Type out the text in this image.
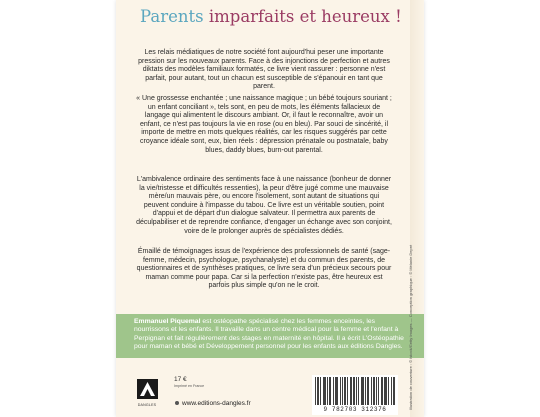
Parents imparfaits et heureux !
Les relais médiatiques de notre société font aujourd'hui peser une importante pression sur les nouveaux parents. Face à des injonctions de perfection et autres diktats des modèles familiaux formatés, ce livre vient rassurer : personne n'est parfait, pour autant, tout un chacun est susceptible de s'épanouir en tant que parent.
« Une grossesse enchantée ; une naissance magique ; un bébé toujours souriant ; un enfant conciliant », tels sont, en peu de mots, les éléments fallacieux de langage qui alimentent le discours ambiant. Or, il faut le reconnaître, avoir un enfant, ce n'est pas toujours la vie en rose (ou en bleu). Par souci de sincérité, il importe de mettre en mots quelques réalités, car les risques suggérés par cette croyance idéale sont, eux, bien réels : dépression prénatale ou postnatale, baby blues, daddy blues, burn-out parental.
L'ambivalence ordinaire des sentiments face à une naissance (bonheur de donner la vie/tristesse et difficultés ressenties), la peur d'être jugé comme une mauvaise mère/un mauvais père, ou encore l'isolement, sont autant de situations qui peuvent conduire à l'impasse du tabou. Ce livre est un véritable soutien, point d'appui et de départ d'un dialogue salvateur. Il permettra aux parents de déculpabiliser et de reprendre confiance, d'engager un échange avec son conjoint, voire de le prolonger auprès de spécialistes dédiés.
Émaillé de témoignages issus de l'expérience des professionnels de santé (sage-femme, médecin, psychologue, psychanalyste) et du commun des parents, de questionnaires et de synthèses pratiques, ce livre sera d'un précieux secours pour maman comme pour papa. Car si la perfection n'existe pas, être heureux est parfois plus simple qu'on ne le croit.
Emmanuel Piquemal est ostéopathe spécialisé chez les femmes enceintes, les nourrissons et les enfants. Il travaille dans un centre médical pour la femme et l'enfant à Perpignan et fait régulièrement des stages en maternité en hôpital. Il a écrit L'Ostéopathie pour maman et bébé et Développement personnel pour les enfants aux éditions Dangles.
DANGLES
17 €
Imprimé en France
www.editions-dangles.fr
9 782703 312376
